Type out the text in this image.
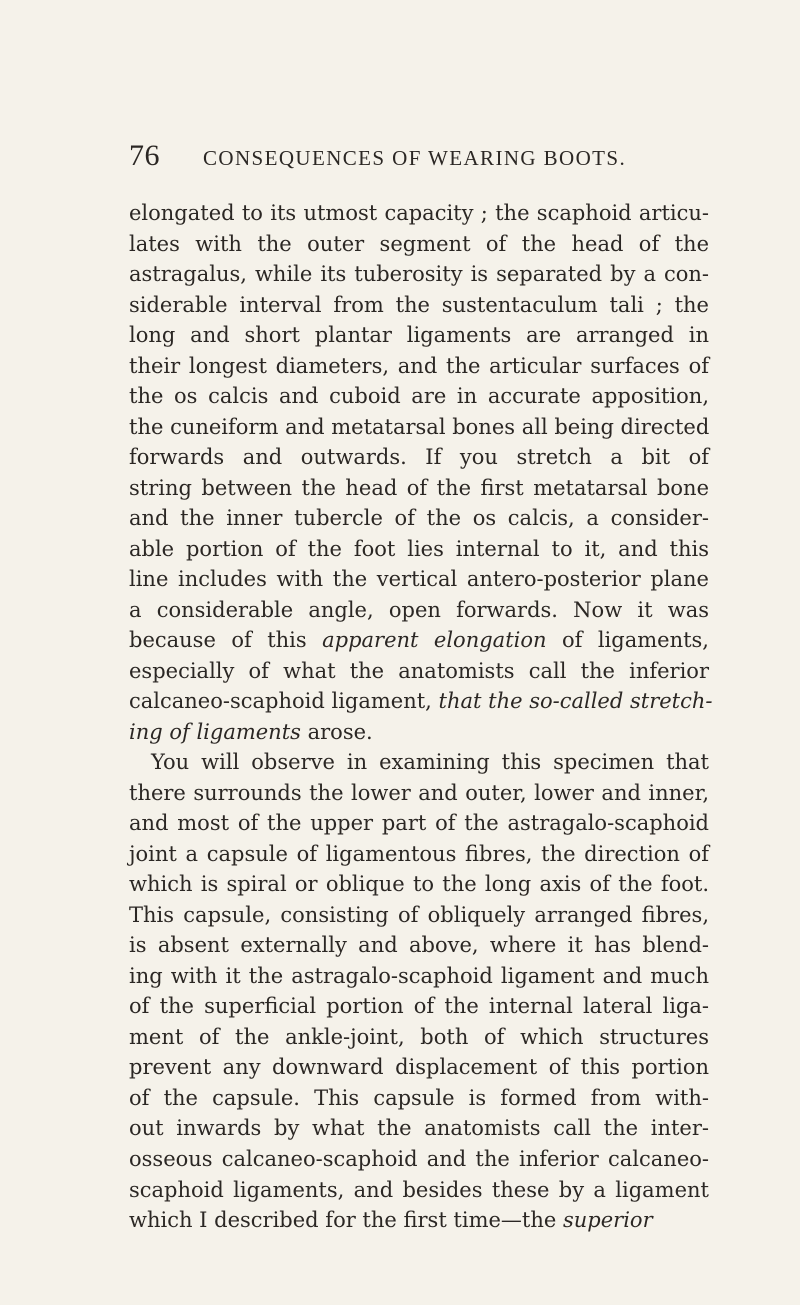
76 CONSEQUENCES OF WEARING BOOTS.
elongated to its utmost capacity ; the scaphoid articu-
lates with the outer segment of the head of the
astragalus, while its tuberosity is separated by a con-
siderable interval from the sustentaculum tali ; the
long and short plantar ligaments are arranged in
their longest diameters, and the articular surfaces of
the os calcis and cuboid are in accurate apposition,
the cuneiform and metatarsal bones all being directed
forwards and outwards. If you stretch a bit of
string between the head of the first metatarsal bone
and the inner tubercle of the os calcis, a consider-
able portion of the foot lies internal to it, and this
line includes with the vertical antero-posterior plane
a considerable angle, open forwards. Now it was
because of this apparent elongation of ligaments,
especially of what the anatomists call the inferior
calcaneo-scaphoid ligament, that the so-called stretch-
ing of ligaments arose.
You will observe in examining this specimen that
there surrounds the lower and outer, lower and inner,
and most of the upper part of the astragalo-scaphoid
joint a capsule of ligamentous fibres, the direction of
which is spiral or oblique to the long axis of the foot.
This capsule, consisting of obliquely arranged fibres,
is absent externally and above, where it has blend-
ing with it the astragalo-scaphoid ligament and much
of the superficial portion of the internal lateral liga-
ment of the ankle-joint, both of which structures
prevent any downward displacement of this portion
of the capsule. This capsule is formed from with-
out inwards by what the anatomists call the inter-
osseous calcaneo-scaphoid and the inferior calcaneo-
scaphoid ligaments, and besides these by a ligament
which I described for the first time—the superior
